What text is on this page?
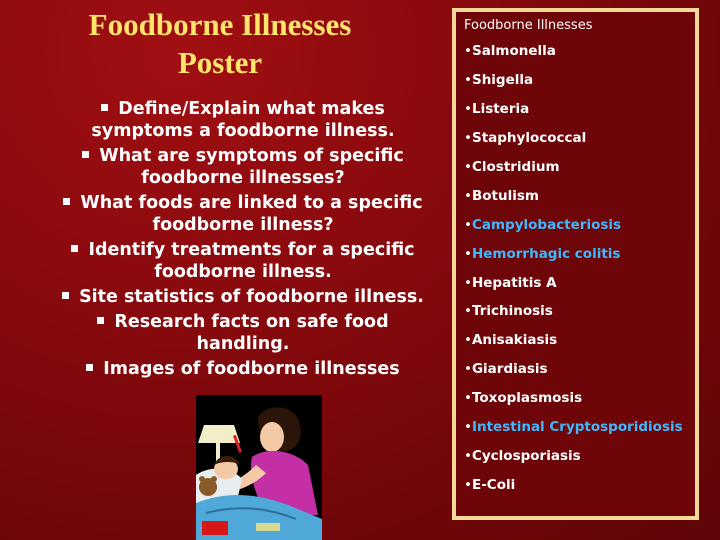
Foodborne Illnesses
Poster
Define/Explain what makes symptoms a foodborne illness.
What are symptoms of specific foodborne illnesses?
What foods are linked to a specific foodborne illness?
Identify treatments for a specific foodborne illness.
Site statistics of foodborne illness.
Research facts on safe food handling.
Images of foodborne illnesses
Foodborne Illnesses
•Salmonella
•Shigella
•Listeria
•Staphylococcal
•Clostridium
•Botulism
•Campylobacteriosis
•Hemorrhagic colitis
•Hepatitis A
•Trichinosis
•Anisakiasis
•Giardiasis
•Toxoplasmosis
•Intestinal Cryptosporidiosis
•Cyclosporiasis
•E-Coli
